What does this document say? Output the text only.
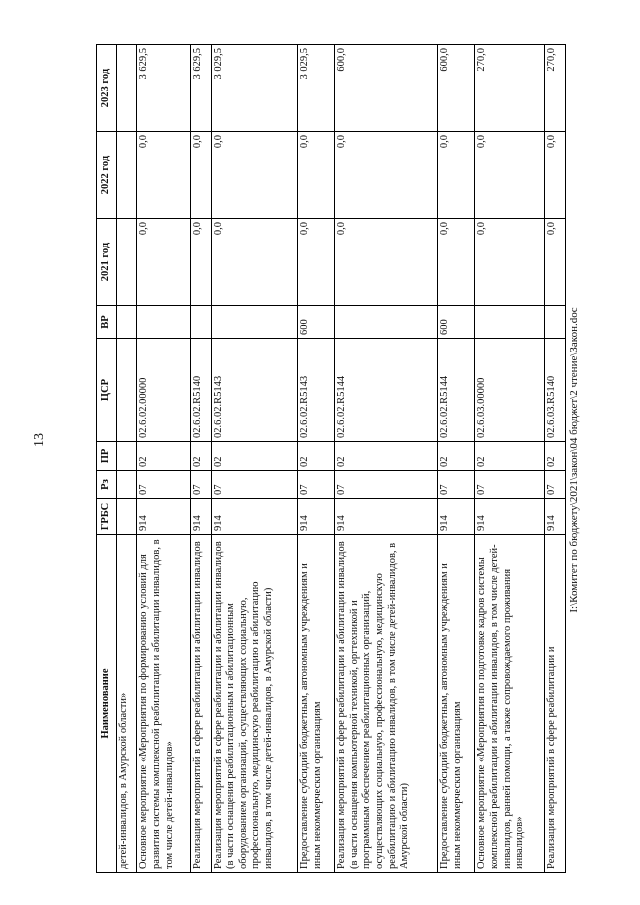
13
Наименование	ГРБС	Рз	ПР	ЦСР	ВР	2021 год	2022 год	2023 год
детей-инвалидов, в Амурской области»								
Основное мероприятие «Мероприятия по формированию условий для развития системы комплексной реабилитации и абилитации инвалидов, в том числе детей-инвалидов»	914	07	02	02.6.02.00000		0,0	0,0	3 629,5
Реализация мероприятий в сфере реабилитации и абилитации инвалидов	914	07	02	02.6.02.R5140		0,0	0,0	3 629,5
Реализация мероприятий в сфере реабилитации и абилитации инвалидов (в части оснащения реабилитационным и абилитационным оборудованием организаций, осуществляющих социальную, профессиональную, медицинскую реабилитацию и абилитацию инвалидов, в том числе детей-инвалидов, в Амурской области)	914	07	02	02.6.02.R5143		0,0	0,0	3 029,5
Предоставление субсидий бюджетным, автономным учреждениям и иным некоммерческим организациям	914	07	02	02.6.02.R5143	600	0,0	0,0	3 029,5
Реализация мероприятий в сфере реабилитации и абилитации инвалидов (в части оснащения компьютерной техникой, оргтехникой и программным обеспечением реабилитационных организаций, осуществляющих социальную, профессиональную, медицинскую реабилитацию и абилитацию инвалидов, в том числе детей-инвалидов, в Амурской области)	914	07	02	02.6.02.R5144		0,0	0,0	600,0
Предоставление субсидий бюджетным, автономным учреждениям и иным некоммерческим организациям	914	07	02	02.6.02.R5144	600	0,0	0,0	600,0
Основное мероприятие «Мероприятия по подготовке кадров системы комплексной реабилитации и абилитации инвалидов, в том числе детей-инвалидов, ранней помощи, а также сопровождаемого проживания инвалидов»	914	07	02	02.6.03.00000		0,0	0,0	270,0
Реализация мероприятий в сфере реабилитации и	914	07	02	02.6.03.R5140		0,0	0,0	270,0
I:\Комитет по бюджету\2021\закон\04 бюджет\2 чтение\Закон.doc
